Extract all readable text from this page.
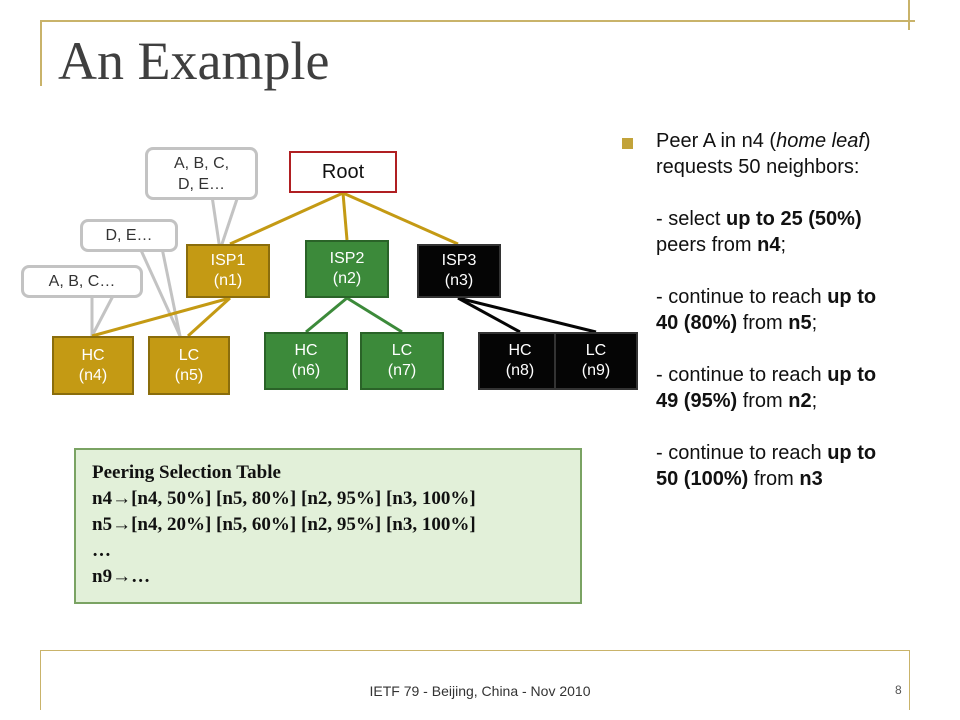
An Example
A, B, C,
D, E…
D, E…
A, B, C…
Root
ISP1
(n1)
ISP2
(n2)
ISP3
(n3)
HC
(n4)
LC
(n5)
HC
(n6)
LC
(n7)
HC
(n8)
LC
(n9)
Peering Selection Table
n4→[n4, 50%] [n5, 80%] [n2, 95%] [n3, 100%]
n5→[n4, 20%] [n5, 60%] [n2, 95%] [n3, 100%]
…
n9→…

Peer A in n4 (home leaf)

requests 50 neighbors:

- select up to 25 (50%)

peers from n4;

- continue to reach up to

40 (80%) from n5;

- continue to reach up to

49 (95%) from n2;

- continue to reach up to

50 (100%) from n3

IETF 79 - Beijing, China - Nov 2010	8
